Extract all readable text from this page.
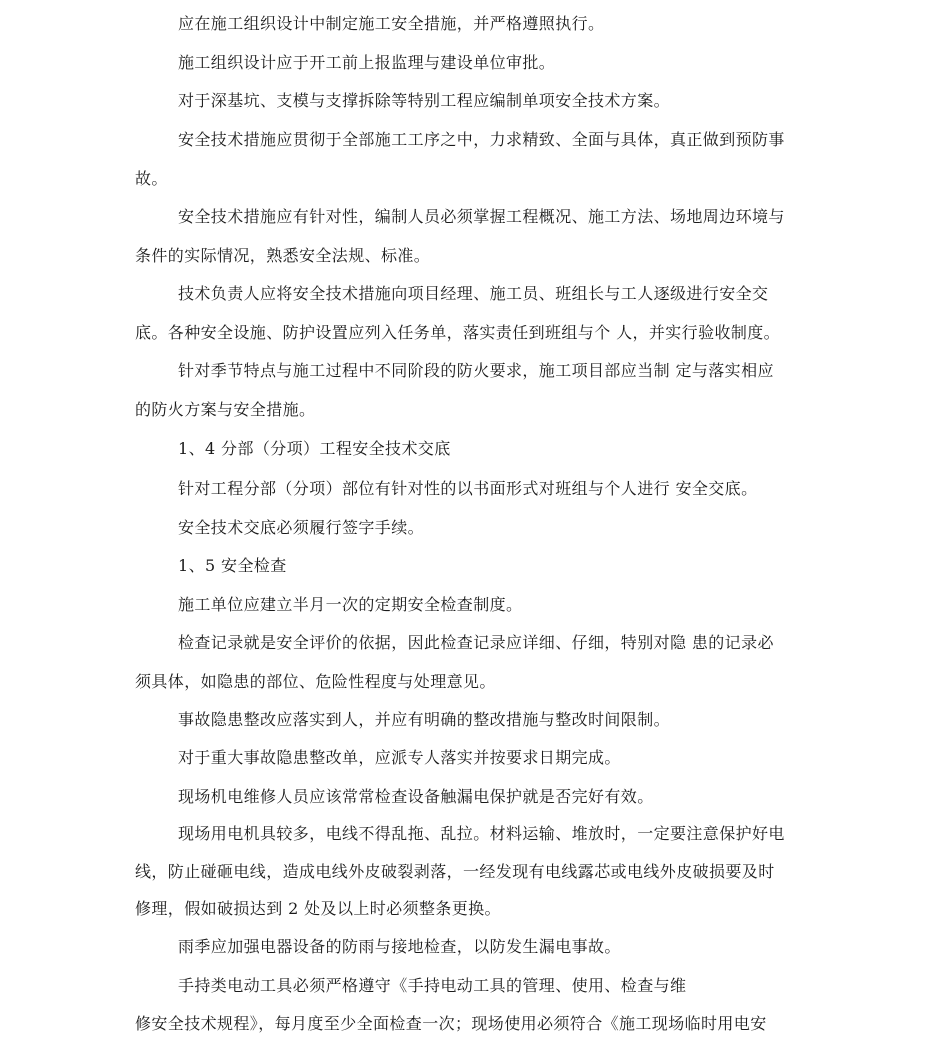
应在施工组织设计中制定施工安全措施，并严格遵照执行。
施工组织设计应于开工前上报监理与建设单位审批。
对于深基坑、支模与支撑拆除等特别工程应编制单项安全技术方案。
安全技术措施应贯彻于全部施工工序之中，力求精致、全面与具体，真正做到预防事
故。
安全技术措施应有针对性，编制人员必须掌握工程概况、施工方法、场地周边环境与
条件的实际情况，熟悉安全法规、标准。
技术负责人应将安全技术措施向项目经理、施工员、班组长与工人逐级进行安全交
底。各种安全设施、防护设置应列入任务单，落实责任到班组与个 人，并实行验收制度。
针对季节特点与施工过程中不同阶段的防火要求，施工项目部应当制 定与落实相应
的防火方案与安全措施。
1、4 分部（分项）工程安全技术交底
针对工程分部（分项）部位有针对性的以书面形式对班组与个人进行 安全交底。
安全技术交底必须履行签字手续。
1、5 安全检查
施工单位应建立半月一次的定期安全检查制度。
检查记录就是安全评价的依据，因此检查记录应详细、仔细，特别对隐 患的记录必
须具体，如隐患的部位、危险性程度与处理意见。
事故隐患整改应落实到人，并应有明确的整改措施与整改时间限制。
对于重大事故隐患整改单，应派专人落实并按要求日期完成。
现场机电维修人员应该常常检查设备触漏电保护就是否完好有效。
现场用电机具较多，电线不得乱拖、乱拉。材料运输、堆放时，一定要注意保护好电
线，防止碰砸电线，造成电线外皮破裂剥落，一经发现有电线露芯或电线外皮破损要及时
修理，假如破损达到 2 处及以上时必须整条更换。
雨季应加强电器设备的防雨与接地检查，以防发生漏电事故。
手持类电动工具必须严格遵守《手持电动工具的管理、使用、检查与维
修安全技术规程》，每月度至少全面检查一次；现场使用必须符合《施工现场临时用电安
